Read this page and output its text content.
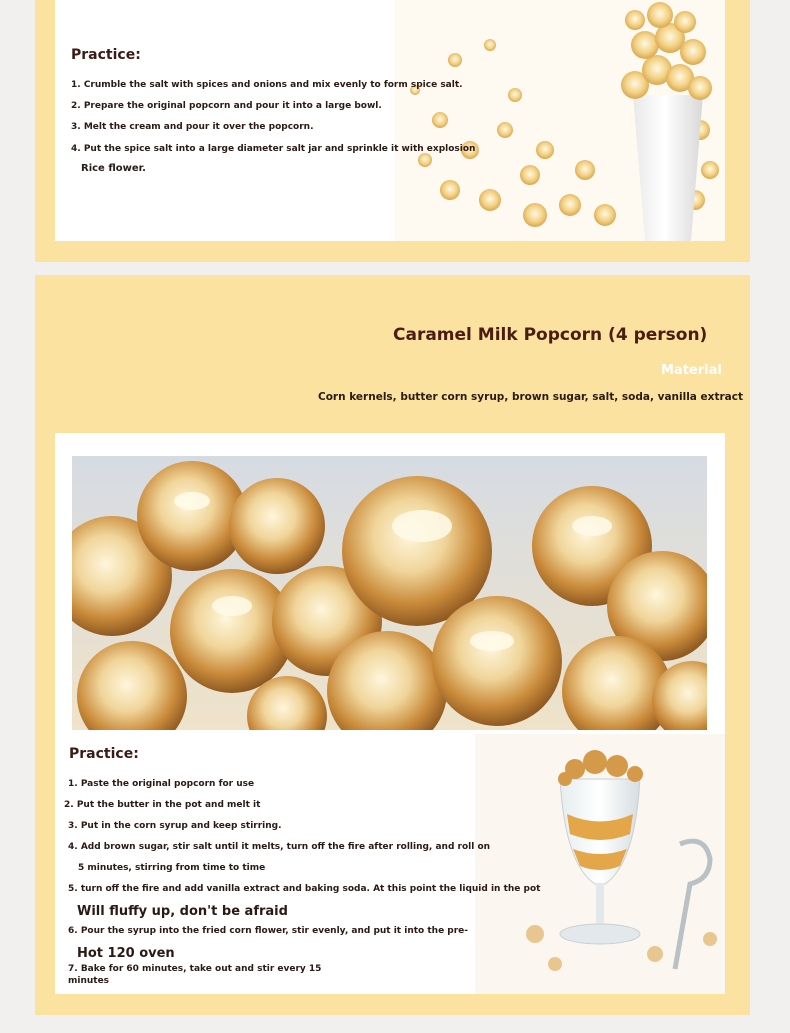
Practice:
1. Crumble the salt with spices and onions and mix evenly to form spice salt.
2. Prepare the original popcorn and pour it into a large bowl.
3. Melt the cream and pour it over the popcorn.
4. Put the spice salt into a large diameter salt jar and sprinkle it with explosion
Rice flower.
Caramel Milk Popcorn (4 person)
Material
Corn kernels, butter corn syrup, brown sugar, salt, soda, vanilla extract
Practice:
1. Paste the original popcorn for use
2. Put the butter in the pot and melt it
3. Put in the corn syrup and keep stirring.
4. Add brown sugar, stir salt until it melts, turn off the fire after rolling, and roll on
5 minutes, stirring from time to time
5. turn off the fire and add vanilla extract and baking soda. At this point the liquid in the pot
Will fluffy up, don't be afraid
6. Pour the syrup into the fried corn flower, stir evenly, and put it into the pre-
Hot 120 oven
7. Bake for 60 minutes, take out and stir every 15
minutes
